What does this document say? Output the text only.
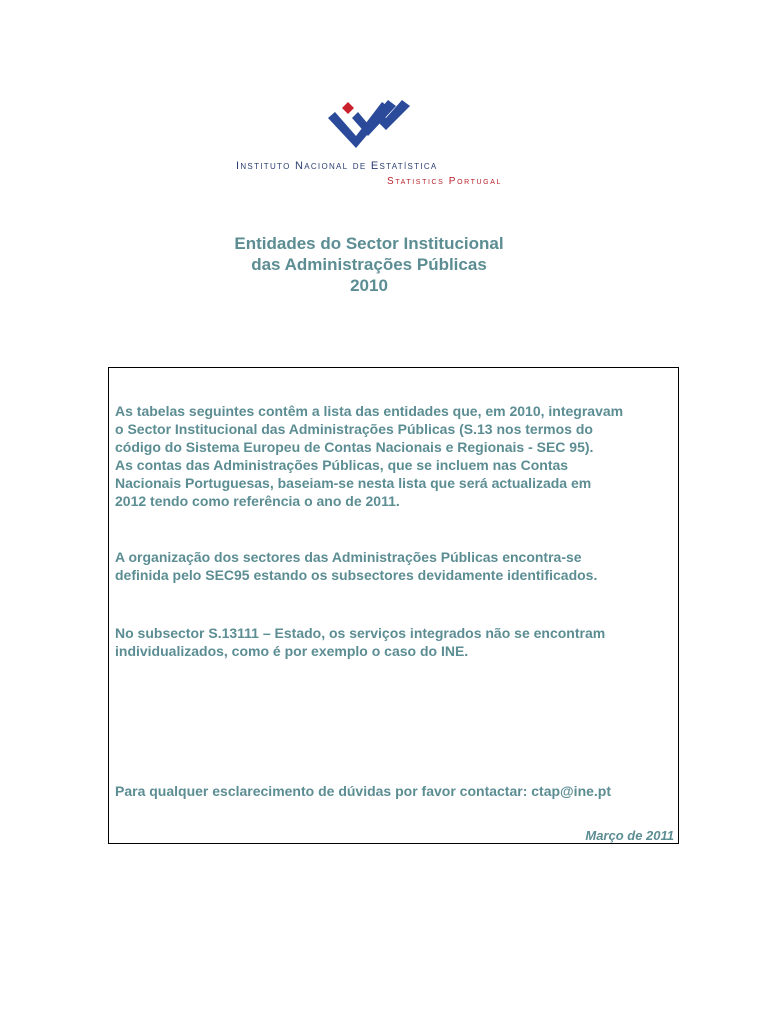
Instituto Nacional de Estatística
Statistics Portugal
Entidades do Sector Institucional
das Administrações Públicas
2010
As tabelas seguintes contêm a lista das entidades que, em 2010, integravam
o Sector Institucional das Administrações Públicas (S.13 nos termos do
código do Sistema Europeu de Contas Nacionais e Regionais - SEC 95).
As contas das Administrações Públicas, que se incluem nas Contas
Nacionais Portuguesas, baseiam-se nesta lista que será actualizada em
2012 tendo como referência o ano de 2011.
A organização dos sectores das Administrações Públicas encontra-se
definida pelo SEC95 estando os subsectores devidamente identificados.
No subsector S.13111 – Estado, os serviços integrados não se encontram
individualizados, como é por exemplo o caso do INE.
Para qualquer esclarecimento de dúvidas por favor contactar: ctap@ine.pt
Março de 2011
